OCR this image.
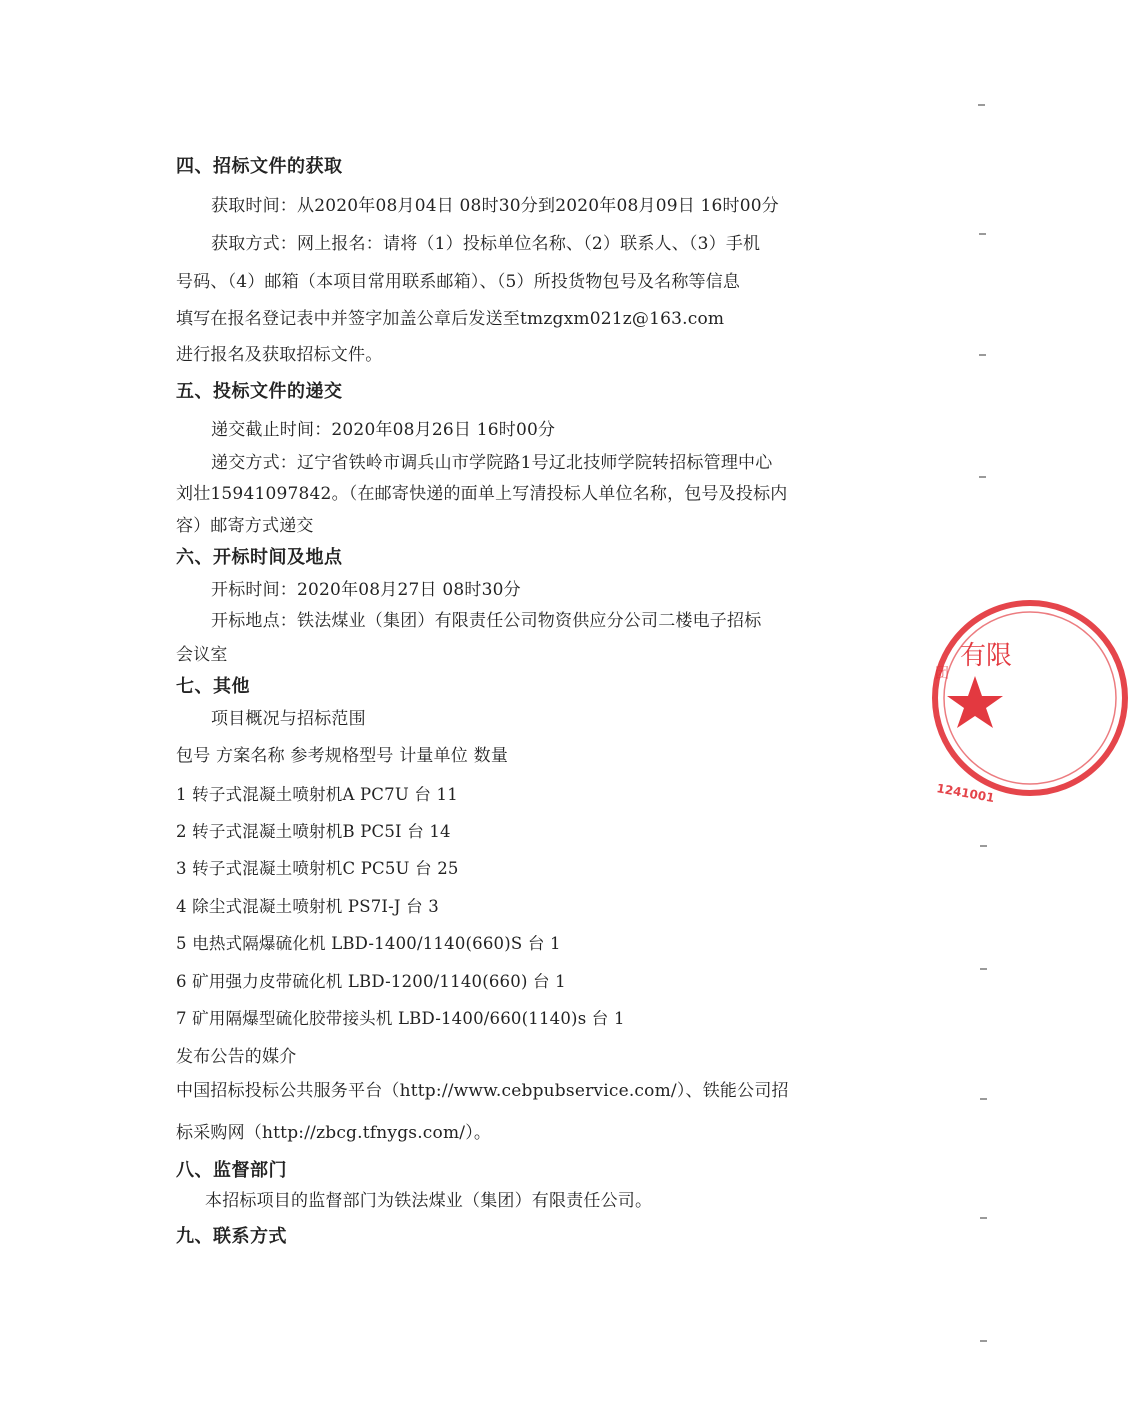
四、招标文件的获取
获取时间：从2020年08月04日 08时30分到2020年08月09日 16时00分
获取方式：网上报名：请将（1）投标单位名称、（2）联系人、（3）手机
号码、（4）邮箱（本项目常用联系邮箱）、（5）所投货物包号及名称等信息
填写在报名登记表中并签字加盖公章后发送至tmzgxm021z@163.com
进行报名及获取招标文件。
五、投标文件的递交
递交截止时间：2020年08月26日 16时00分
递交方式：辽宁省铁岭市调兵山市学院路1号辽北技师学院转招标管理中心
刘壮15941097842。（在邮寄快递的面单上写清投标人单位名称，包号及投标内
容）邮寄方式递交
六、开标时间及地点
开标时间：2020年08月27日 08时30分
开标地点：铁法煤业（集团）有限责任公司物资供应分公司二楼电子招标
会议室
七、其他
项目概况与招标范围
包号 方案名称 参考规格型号 计量单位 数量
1 转子式混凝土喷射机A PC7U 台 11
2 转子式混凝土喷射机B PC5I 台 14
3 转子式混凝土喷射机C PC5U 台 25
4 除尘式混凝土喷射机 PS7I-J 台 3
5 电热式隔爆硫化机 LBD-1400/1140(660)S 台 1
6 矿用强力皮带硫化机 LBD-1200/1140(660) 台 1
7 矿用隔爆型硫化胶带接头机 LBD-1400/660(1140)s 台 1
发布公告的媒介
中国招标投标公共服务平台（http://www.cebpubservice.com/）、铁能公司招
标采购网（http://zbcg.tfnygs.com/）。
八、监督部门
本招标项目的监督部门为铁法煤业（集团）有限责任公司。
九、联系方式
有限
团
1241001
